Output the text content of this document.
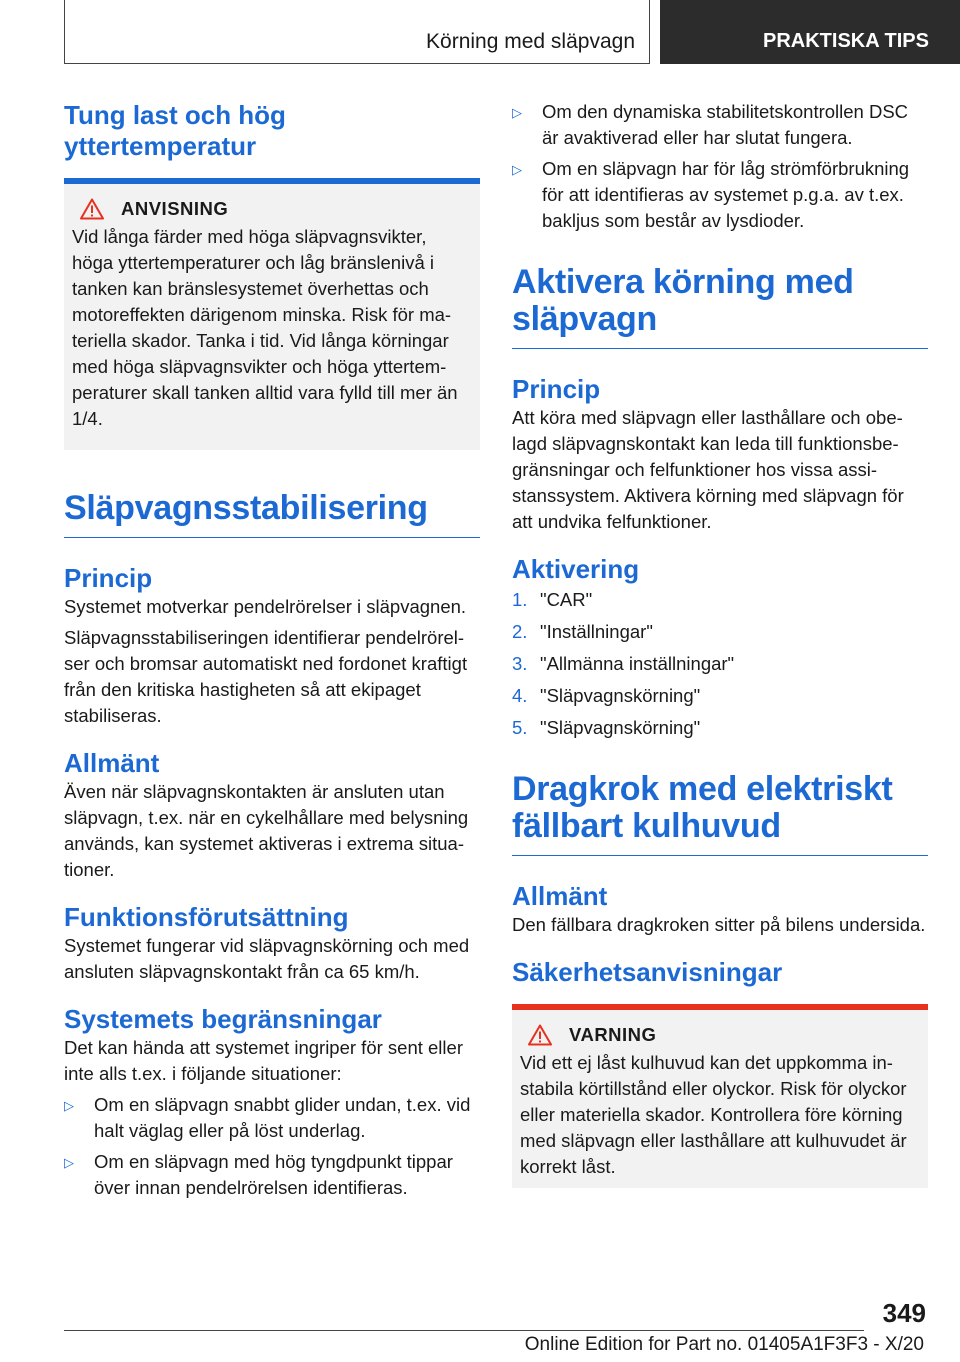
Körning med släpvagn	PRAKTISKA TIPS
Tung last och hög yttertemperatur
ANVISNING

Vid långa färder med höga släpvagnsvikter, höga yttertemperaturer och låg bränslenivå i tanken kan bränslesystemet överhettas och motoreffekten därigenom minska. Risk för materiella skador. Tanka i tid. Vid långa körningar med höga släpvagnsvikter och höga yttertemperaturer skall tanken alltid vara fylld till mer än 1/4.

Släpvagnsstabilisering
Princip

Systemet motverkar pendelrörelser i släpvagnen.

Släpvagnsstabiliseringen identifierar pendelrörelser och bromsar automatiskt ned fordonet kraftigt från den kritiska hastigheten så att ekipaget stabiliseras.

Allmänt

Även när släpvagnskontakten är ansluten utan släpvagn, t.ex. när en cykelhållare med belysning används, kan systemet aktiveras i extrema situationer.

Funktionsförutsättning

Systemet fungerar vid släpvagnskörning och med ansluten släpvagnskontakt från ca 65 km/h.

Systemets begränsningar

Det kan hända att systemet ingriper för sent eller inte alls t.ex. i följande situationer:

▷	Om en släpvagn snabbt glider undan, t.ex. vid halt väglag eller på löst underlag.
▷	Om en släpvagn med hög tyngdpunkt tippar över innan pendelrörelsen identifieras.
▷	Om den dynamiska stabilitetskontrollen DSC är avaktiverad eller har slutat fungera.
▷	Om en släpvagn har för låg strömförbrukning för att identifieras av systemet p.g.a. av t.ex. bakljus som består av lysdioder.
Aktivera körning med släpvagn
Princip

Att köra med släpvagn eller lasthållare och obelagd släpvagnskontakt kan leda till funktionsbegränsningar och felfunktioner hos vissa assistanssystem. Aktivera körning med släpvagn för att undvika felfunktioner.

Aktivering
1. "CAR"
2. "Inställningar"
3. "Allmänna inställningar"
4. "Släpvagnskörning"
5. "Släpvagnskörning"
Dragkrok med elektriskt fällbart kulhuvud
Allmänt

Den fällbara dragkroken sitter på bilens undersida.

Säkerhetsanvisningar
VARNING

Vid ett ej låst kulhuvud kan det uppkomma instabila körtillstånd eller olyckor. Risk för olyckor eller materiella skador. Kontrollera före körning med släpvagn eller lasthållare att kulhuvudet är korrekt låst.

349
Online Edition for Part no. 01405A1F3F3 - X/20
